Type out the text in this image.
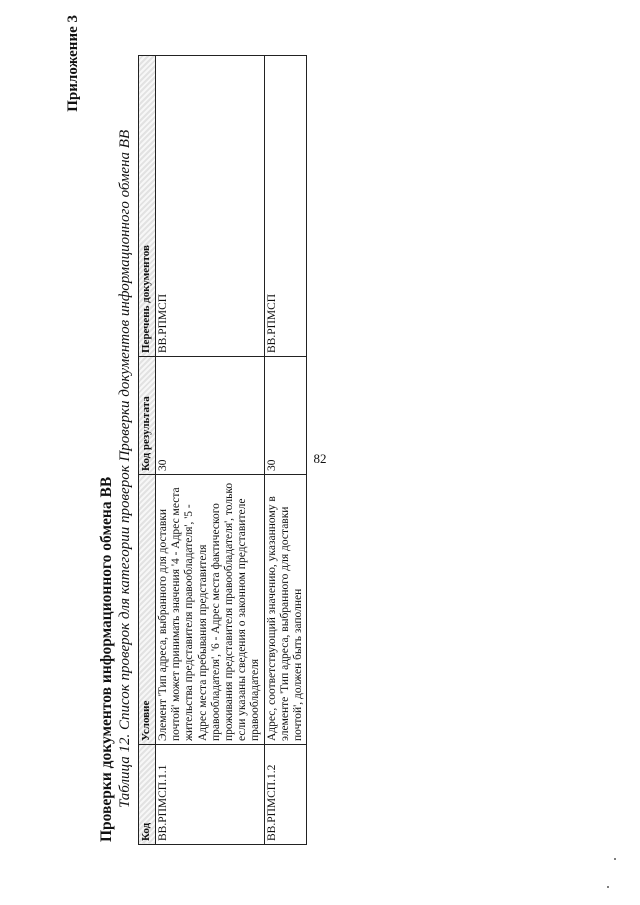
82
Приложение 3
Проверки документов информационного обмена ВВ Таблица 12. Список проверок для категории проверок Проверки документов информационного обмена ВВ
Код	Условие	Код результата	Перечень документов
ВВ.РПМСП.1.1	Элемент 'Тип адреса, выбранного для доставки почтой' может принимать значения '4 - Адрес места жительства представителя правообладателя', '5 - Адрес места пребывания представителя правообладателя', '6 - Адрес места фактического проживания представителя правообладателя', только если указаны сведения о законном представителе правообладателя	30	ВВ.РПМСП
ВВ.РПМСП.1.2	Адрес, соответствующий значению, указанному в элементе 'Тип адреса, выбранного для доставки почтой', должен быть заполнен	30	ВВ.РПМСП
